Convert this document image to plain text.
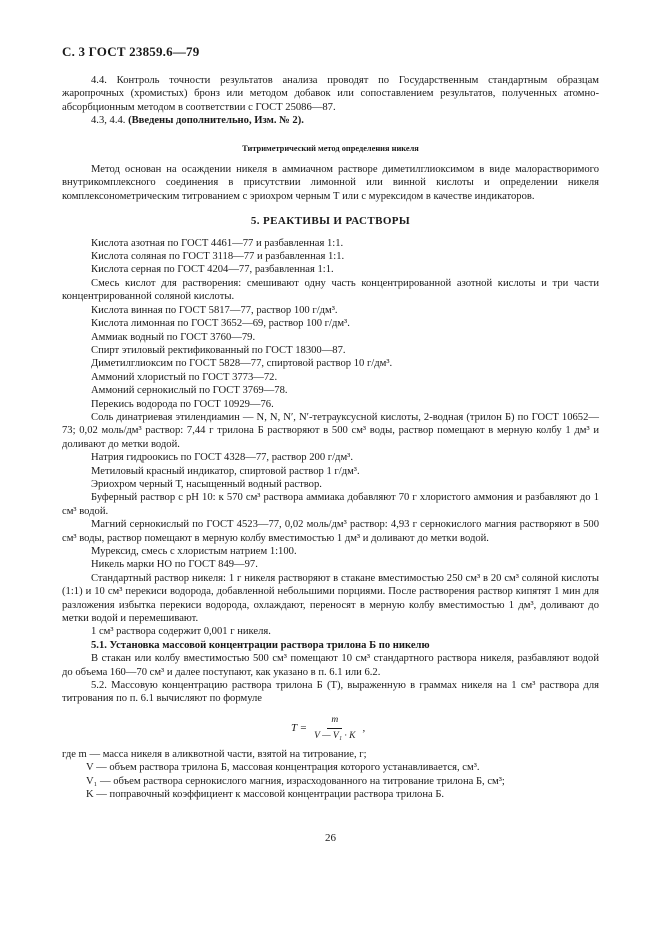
С. 3 ГОСТ 23859.6—79

4.4. Контроль точности результатов анализа проводят по Государственным стандартным образцам жаропрочных (хромистых) бронз или методом добавок или сопоставлением результатов, полученных атомно-абсорбционным методом в соответствии с ГОСТ 25086—87.

4.3, 4.4. (Введены дополнительно, Изм. № 2).

Титриметрический метод определения никеля

Метод основан на осаждении никеля в аммиачном растворе диметилглиоксимом в виде малорастворимого внутрикомплексного соединения в присутствии лимонной или винной кислоты и определении никеля комплексонометрическим титрованием с эриохром черным Т или с мурексидом в качестве индикаторов.

5. РЕАКТИВЫ И РАСТВОРЫ

Кислота азотная по ГОСТ 4461—77 и разбавленная 1:1.

Кислота соляная по ГОСТ 3118—77 и разбавленная 1:1.

Кислота серная по ГОСТ 4204—77, разбавленная 1:1.

Смесь кислот для растворения: смешивают одну часть концентрированной азотной кислоты и три части концентрированной соляной кислоты.

Кислота винная по ГОСТ 5817—77, раствор 100 г/дм³.

Кислота лимонная по ГОСТ 3652—69, раствор 100 г/дм³.

Аммиак водный по ГОСТ 3760—79.

Спирт этиловый ректификованный по ГОСТ 18300—87.

Диметилглиоксим по ГОСТ 5828—77, спиртовой раствор 10 г/дм³.

Аммоний хлористый по ГОСТ 3773—72.

Аммоний сернокислый по ГОСТ 3769—78.

Перекись водорода по ГОСТ 10929—76.

Соль динатриевая этилендиамин — N, N, N′, N′-тетрауксусной кислоты, 2-водная (трилон Б) по ГОСТ 10652—73; 0,02 моль/дм³ раствор: 7,44 г трилона Б растворяют в 500 см³ воды, раствор помещают в мерную колбу 1 дм³ и доливают до метки водой.

Натрия гидроокись по ГОСТ 4328—77, раствор 200 г/дм³.

Метиловый красный индикатор, спиртовой раствор 1 г/дм³.

Эриохром черный Т, насыщенный водный раствор.

Буферный раствор с pH 10: к 570 см³ раствора аммиака добавляют 70 г хлористого аммония и разбавляют до 1 см³ водой.

Магний сернокислый по ГОСТ 4523—77, 0,02 моль/дм³ раствор: 4,93 г сернокислого магния растворяют в 500 см³ воды, раствор помещают в мерную колбу вместимостью 1 дм³ и доливают до метки водой.

Мурексид, смесь с хлористым натрием 1:100.

Никель марки НО по ГОСТ 849—97.

Стандартный раствор никеля: 1 г никеля растворяют в стакане вместимостью 250 см³ в 20 см³ соляной кислоты (1:1) и 10 см³ перекиси водорода, добавленной небольшими порциями. После растворения раствор кипятят 1 мин для разложения избытка перекиси водорода, охлаждают, переносят в мерную колбу вместимостью 1 дм³, доливают до метки водой и перемешивают.

1 см³ раствора содержит 0,001 г никеля.

5.1. Установка массовой концентрации раствора трилона Б по никелю

В стакан или колбу вместимостью 500 см³ помещают 10 см³ стандартного раствора никеля, разбавляют водой до объема 160—70 см³ и далее поступают, как указано в п. 6.1 или 6.2.

5.2. Массовую концентрацию раствора трилона Б (Т), выраженную в граммах никеля на 1 см³ раствора для титрования по п. 6.1 вычисляют по формуле

$T = \frac{m}{\text{V — V₁ · K}}$ ,

где m — масса никеля в аликвотной части, взятой на титрование, г;

V — объем раствора трилона Б, массовая концентрация которого устанавливается, см³.

V₁ — объем раствора сернокислого магния, израсходованного на титрование трилона Б, см³;

K — поправочный коэффициент к массовой концентрации раствора трилона Б.

26
